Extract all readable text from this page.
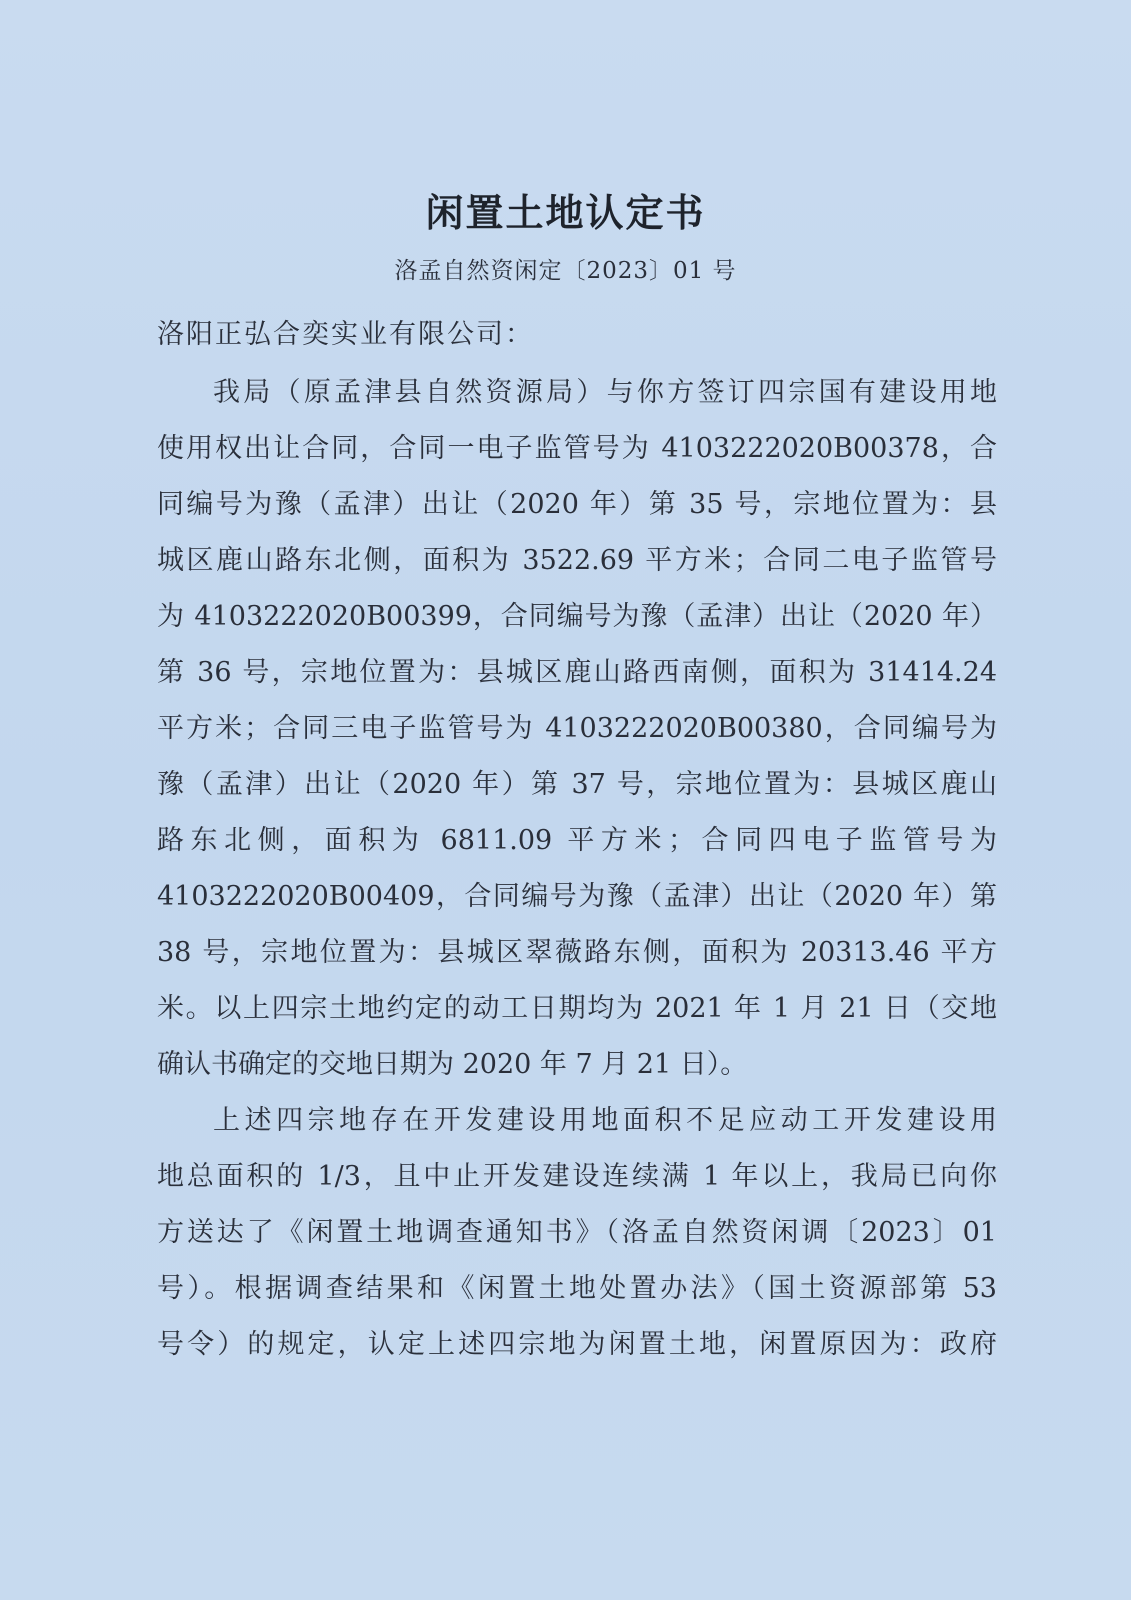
闲置土地认定书
洛孟自然资闲定〔2023〕01 号
洛阳正弘合奕实业有限公司：
我局（原孟津县自然资源局）与你方签订四宗国有建设用地
使用权出让合同，合同一电子监管号为 4103222020B00378，合
同编号为豫（孟津）出让（2020 年）第 35 号，宗地位置为：县
城区鹿山路东北侧，面积为 3522.69 平方米；合同二电子监管号
为 4103222020B00399，合同编号为豫（孟津）出让（2020 年）
第 36 号，宗地位置为：县城区鹿山路西南侧，面积为 31414.24
平方米；合同三电子监管号为 4103222020B00380，合同编号为
豫（孟津）出让（2020 年）第 37 号，宗地位置为：县城区鹿山
路东北侧，面积为 6811.09 平方米；合同四电子监管号为
4103222020B00409，合同编号为豫（孟津）出让（2020 年）第
38 号，宗地位置为：县城区翠薇路东侧，面积为 20313.46 平方
米。以上四宗土地约定的动工日期均为 2021 年 1 月 21 日（交地
确认书确定的交地日期为 2020 年 7 月 21 日）。
上述四宗地存在开发建设用地面积不足应动工开发建设用
地总面积的 1/3，且中止开发建设连续满 1 年以上，我局已向你
方送达了《闲置土地调查通知书》（洛孟自然资闲调〔2023〕01
号）。根据调查结果和《闲置土地处置办法》（国土资源部第 53
号令）的规定，认定上述四宗地为闲置土地，闲置原因为：政府
